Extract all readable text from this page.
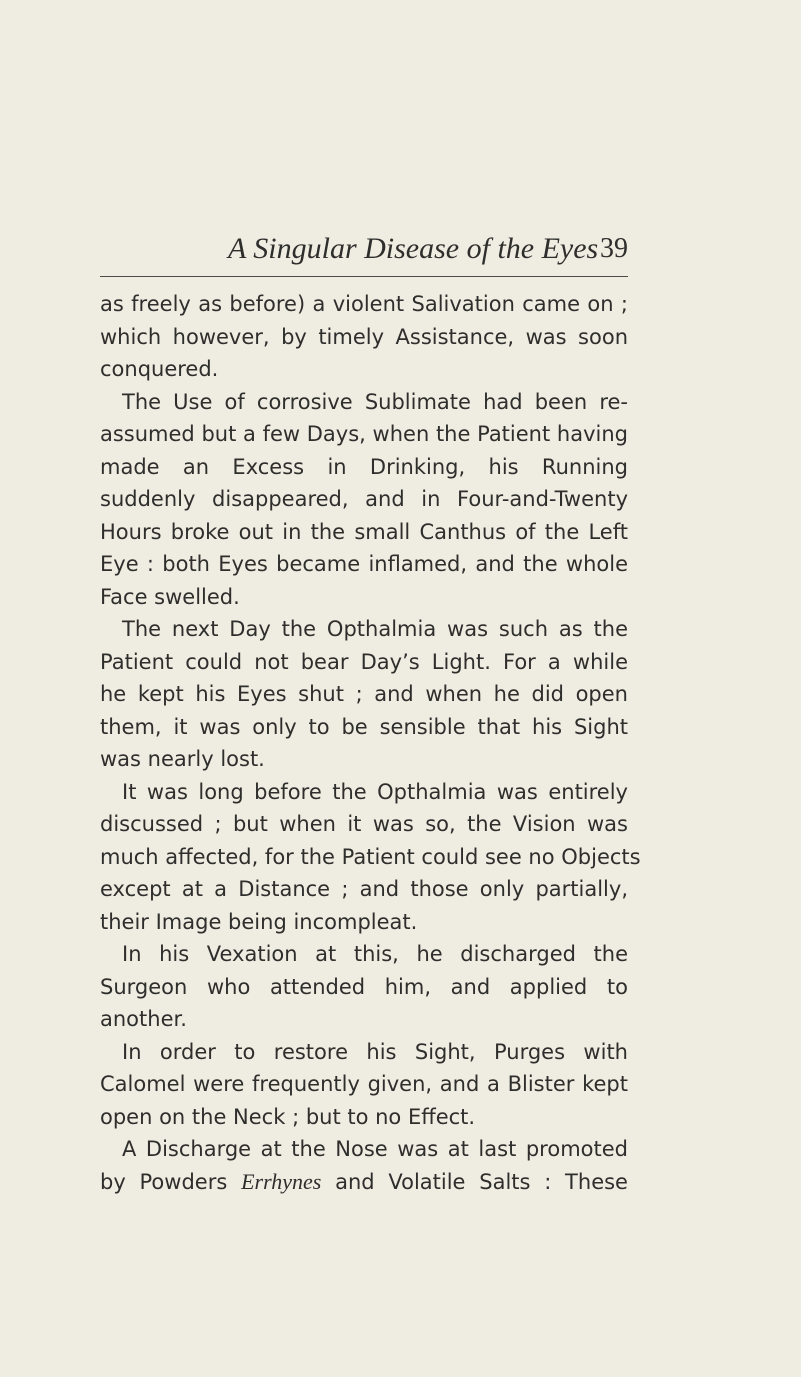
A Singular Disease of the Eyes 39
as freely as before) a violent Salivation came on ;
which however, by timely Assistance, was soon
conquered.
The Use of corrosive Sublimate had been re-
assumed but a few Days, when the Patient having
made an Excess in Drinking, his Running
suddenly disappeared, and in Four-and-Twenty
Hours broke out in the small Canthus of the Left
Eye : both Eyes became inflamed, and the whole
Face swelled.
The next Day the Opthalmia was such as the
Patient could not bear Day’s Light. For a while
he kept his Eyes shut ; and when he did open
them, it was only to be sensible that his Sight
was nearly lost.
It was long before the Opthalmia was entirely
discussed ; but when it was so, the Vision was
much affected, for the Patient could see no Objects
except at a Distance ; and those only partially,
their Image being incompleat.
In his Vexation at this, he discharged the
Surgeon who attended him, and applied to
another.
In order to restore his Sight, Purges with
Calomel were frequently given, and a Blister kept
open on the Neck ; but to no Effect.
A Discharge at the Nose was at last promoted
by Powders Errhynes and Volatile Salts : These
